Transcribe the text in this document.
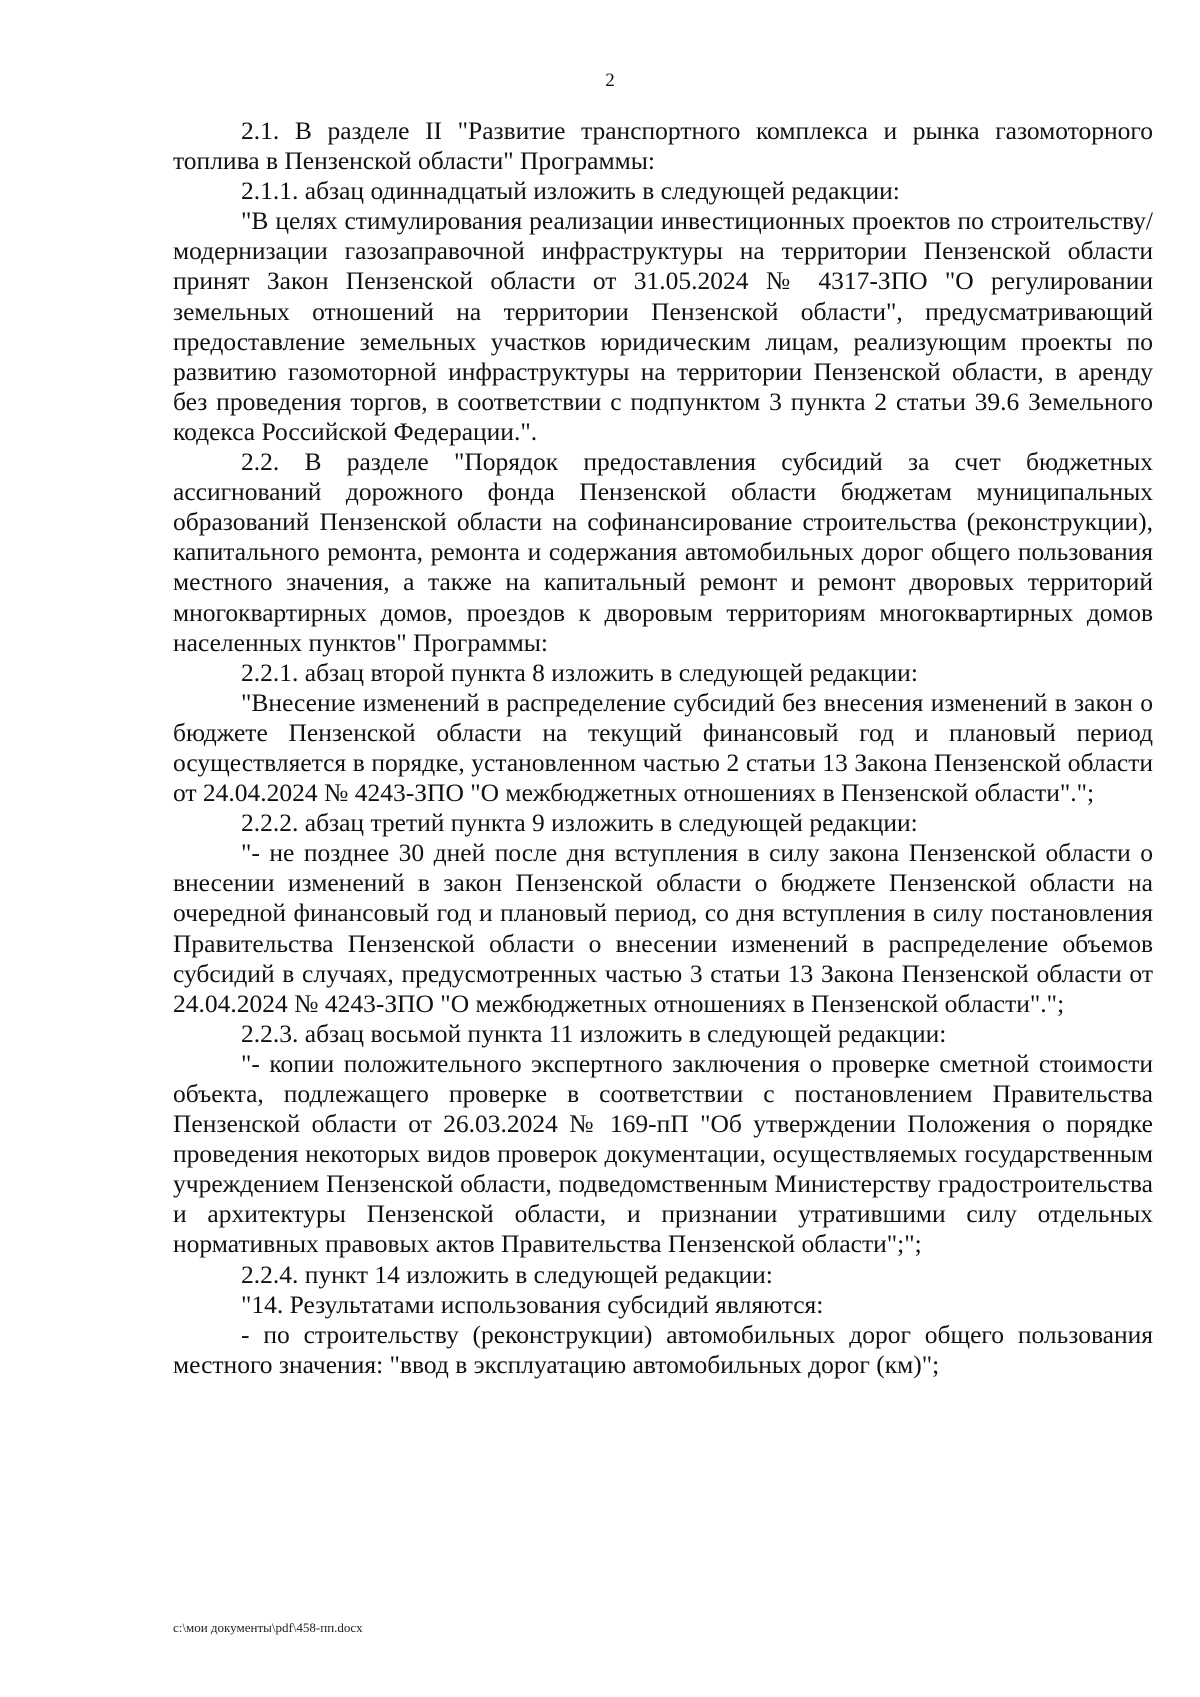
2

2.1. В разделе II "Развитие транспортного комплекса и рынка газомоторного топлива в Пензенской области" Программы:

2.1.1. абзац одиннадцатый изложить в следующей редакции:

"В целях стимулирования реализации инвестиционных проектов по строительству/модернизации газозаправочной инфраструктуры на территории Пензенской области принят Закон Пензенской области от 31.05.2024 № 4317-ЗПО "О регулировании земельных отношений на территории Пензенской области", предусматривающий предоставление земельных участков юридическим лицам, реализующим проекты по развитию газомоторной инфраструктуры на территории Пензенской области, в аренду без проведения торгов, в соответствии с подпунктом 3 пункта 2 статьи 39.6 Земельного кодекса Российской Федерации.".

2.2. В разделе "Порядок предоставления субсидий за счет бюджетных ассигнований дорожного фонда Пензенской области бюджетам муниципальных образований Пензенской области на софинансирование строительства (реконструкции), капитального ремонта, ремонта и содержания автомобильных дорог общего пользования местного значения, а также на капитальный ремонт и ремонт дворовых территорий многоквартирных домов, проездов к дворовым территориям многоквартирных домов населенных пунктов" Программы:

2.2.1. абзац второй пункта 8 изложить в следующей редакции:

"Внесение изменений в распределение субсидий без внесения изменений в закон о бюджете Пензенской области на текущий финансовый год и плановый период осуществляется в порядке, установленном частью 2 статьи 13 Закона Пензенской области от 24.04.2024 № 4243-ЗПО "О межбюджетных отношениях в Пензенской области".";

2.2.2. абзац третий пункта 9 изложить в следующей редакции:

"- не позднее 30 дней после дня вступления в силу закона Пензенской области о внесении изменений в закон Пензенской области о бюджете Пензенской области на очередной финансовый год и плановый период, со дня вступления в силу постановления Правительства Пензенской области о внесении изменений в распределение объемов субсидий в случаях, предусмотренных частью 3 статьи 13 Закона Пензенской области от 24.04.2024 № 4243-ЗПО "О межбюджетных отношениях в Пензенской области".";

2.2.3. абзац восьмой пункта 11 изложить в следующей редакции:

"- копии положительного экспертного заключения о проверке сметной стоимости объекта, подлежащего проверке в соответствии с постановлением Правительства Пензенской области от 26.03.2024 № 169-пП "Об утверждении Положения о порядке проведения некоторых видов проверок документации, осуществляемых государственным учреждением Пензенской области, подведомственным Министерству градостроительства и архитектуры Пензенской области, и признании утратившими силу отдельных нормативных правовых актов Правительства Пензенской области";";

2.2.4. пункт 14 изложить в следующей редакции:

"14. Результатами использования субсидий являются:

- по строительству (реконструкции) автомобильных дорог общего пользования местного значения: "ввод в эксплуатацию автомобильных дорог (км)";

c:\мои документы\pdf\458-пп.docx
